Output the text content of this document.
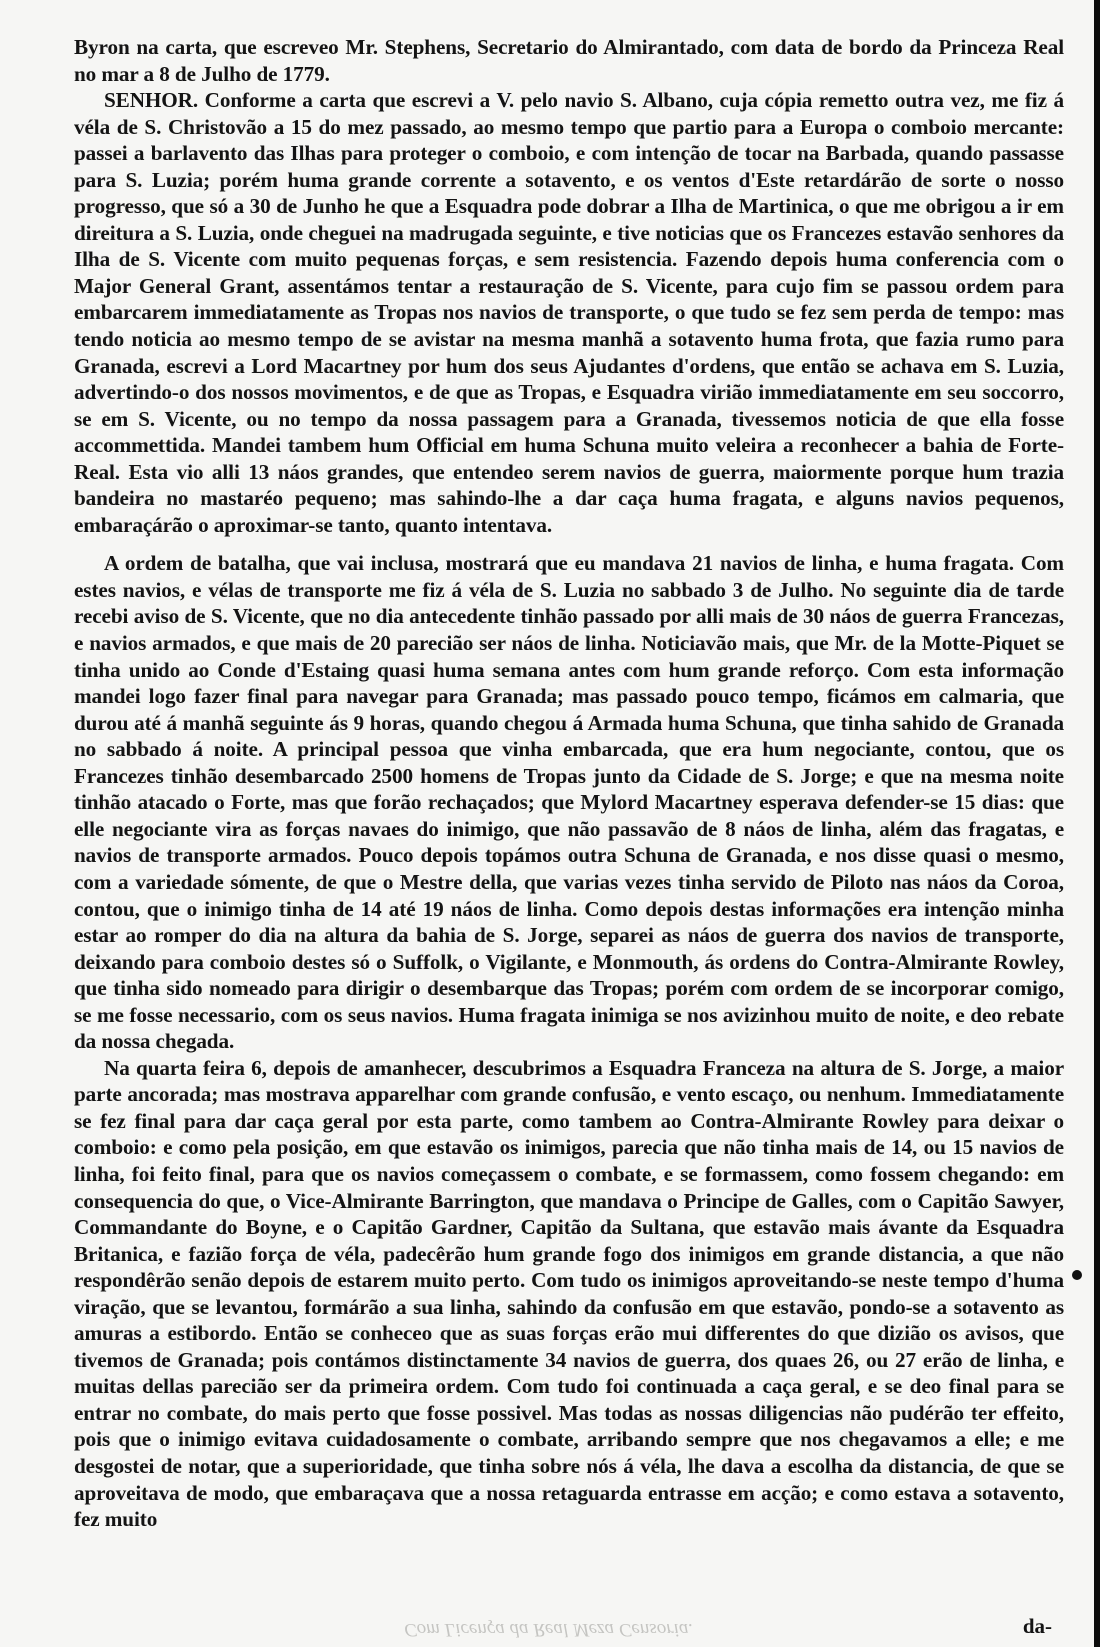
Byron na carta, que escreveo Mr. Stephens, Secretario do Almirantado, com data de bordo da Princeza Real no mar a 8 de Julho de 1779.

SENHOR. Conforme a carta que escrevi a V. pelo navio S. Albano, cuja cópia remetto outra vez, me fiz á véla de S. Christovão a 15 do mez passado, ao mesmo tempo que partio para a Europa o comboio mercante: passei a barlavento das Ilhas para proteger o comboio, e com intenção de tocar na Barbada, quando passasse para S. Luzia; porém huma grande corrente a sotavento, e os ventos d'Este retardárão de sorte o nosso progresso, que só a 30 de Junho he que a Esquadra pode dobrar a Ilha de Martinica, o que me obrigou a ir em direitura a S. Luzia, onde cheguei na madrugada seguinte, e tive noticias que os Francezes estavão senhores da Ilha de S. Vicente com muito pequenas forças, e sem resistencia. Fazendo depois huma conferencia com o Major General Grant, assentámos tentar a restauração de S. Vicente, para cujo fim se passou ordem para embarcarem immediatamente as Tropas nos navios de transporte, o que tudo se fez sem perda de tempo: mas tendo noticia ao mesmo tempo de se avistar na mesma manhã a sotavento huma frota, que fazia rumo para Granada, escrevi a Lord Macartney por hum dos seus Ajudantes d'ordens, que então se achava em S. Luzia, advertindo-o dos nossos movimentos, e de que as Tropas, e Esquadra virião immediatamente em seu soccorro, se em S. Vicente, ou no tempo da nossa passagem para a Granada, tivessemos noticia de que ella fosse accommettida. Mandei tambem hum Official em huma Schuna muito veleira a reconhecer a bahia de Forte-Real. Esta vio alli 13 náos grandes, que entendeo serem navios de guerra, maiormente porque hum trazia bandeira no mastaréo pequeno; mas sahindo-lhe a dar caça huma fragata, e alguns navios pequenos, embaraçárão o aproximar-se tanto, quanto intentava.

A ordem de batalha, que vai inclusa, mostrará que eu mandava 21 navios de linha, e huma fragata. Com estes navios, e vélas de transporte me fiz á véla de S. Luzia no sabbado 3 de Julho. No seguinte dia de tarde recebi aviso de S. Vicente, que no dia antecedente tinhão passado por alli mais de 30 náos de guerra Francezas, e navios armados, e que mais de 20 parecião ser náos de linha. Noticiavão mais, que Mr. de la Motte-Piquet se tinha unido ao Conde d'Estaing quasi huma semana antes com hum grande reforço. Com esta informação mandei logo fazer final para navegar para Granada; mas passado pouco tempo, ficámos em calmaria, que durou até á manhã seguinte ás 9 horas, quando chegou á Armada huma Schuna, que tinha sahido de Granada no sabbado á noite. A principal pessoa que vinha embarcada, que era hum negociante, contou, que os Francezes tinhão desembarcado 2500 homens de Tropas junto da Cidade de S. Jorge; e que na mesma noite tinhão atacado o Forte, mas que forão rechaçados; que Mylord Macartney esperava defender-se 15 dias: que elle negociante vira as forças navaes do inimigo, que não passavão de 8 náos de linha, além das fragatas, e navios de transporte armados. Pouco depois topámos outra Schuna de Granada, e nos disse quasi o mesmo, com a variedade sómente, de que o Mestre della, que varias vezes tinha servido de Piloto nas náos da Coroa, contou, que o inimigo tinha de 14 até 19 náos de linha. Como depois destas informações era intenção minha estar ao romper do dia na altura da bahia de S. Jorge, separei as náos de guerra dos navios de transporte, deixando para comboio destes só o Suffolk, o Vigilante, e Monmouth, ás ordens do Contra-Almirante Rowley, que tinha sido nomeado para dirigir o desembarque das Tropas; porém com ordem de se incorporar comigo, se me fosse necessario, com os seus navios. Huma fragata inimiga se nos avizinhou muito de noite, e deo rebate da nossa chegada.

Na quarta feira 6, depois de amanhecer, descubrimos a Esquadra Franceza na altura de S. Jorge, a maior parte ancorada; mas mostrava apparelhar com grande confusão, e vento escaço, ou nenhum. Immediatamente se fez final para dar caça geral por esta parte, como tambem ao Contra-Almirante Rowley para deixar o comboio: e como pela posição, em que estavão os inimigos, parecia que não tinha mais de 14, ou 15 navios de linha, foi feito final, para que os navios começassem o combate, e se formassem, como fossem chegando: em consequencia do que, o Vice-Almirante Barrington, que mandava o Principe de Galles, com o Capitão Sawyer, Commandante do Boyne, e o Capitão Gardner, Capitão da Sultana, que estavão mais ávante da Esquadra Britanica, e fazião força de véla, padecêrão hum grande fogo dos inimigos em grande distancia, a que não respondêrão senão depois de estarem muito perto. Com tudo os inimigos aproveitando-se neste tempo d'huma viração, que se levantou, formárão a sua linha, sahindo da confusão em que estavão, pondo-se a sotavento as amuras a estibordo. Então se conheceo que as suas forças erão mui differentes do que dizião os avisos, que tivemos de Granada; pois contámos distinctamente 34 navios de guerra, dos quaes 26, ou 27 erão de linha, e muitas dellas parecião ser da primeira ordem. Com tudo foi continuada a caça geral, e se deo final para se entrar no combate, do mais perto que fosse possivel. Mas todas as nossas diligencias não pudérão ter effeito, pois que o inimigo evitava cuidadosamente o combate, arribando sempre que nos chegavamos a elle; e me desgostei de notar, que a superioridade, que tinha sobre nós á véla, lhe dava a escolha da distancia, de que se aproveitava de modo, que embaraçava que a nossa retaguarda entrasse em acção; e como estava a sotavento, fez muito

Com Licença da Real Meza Censoria.	da-
